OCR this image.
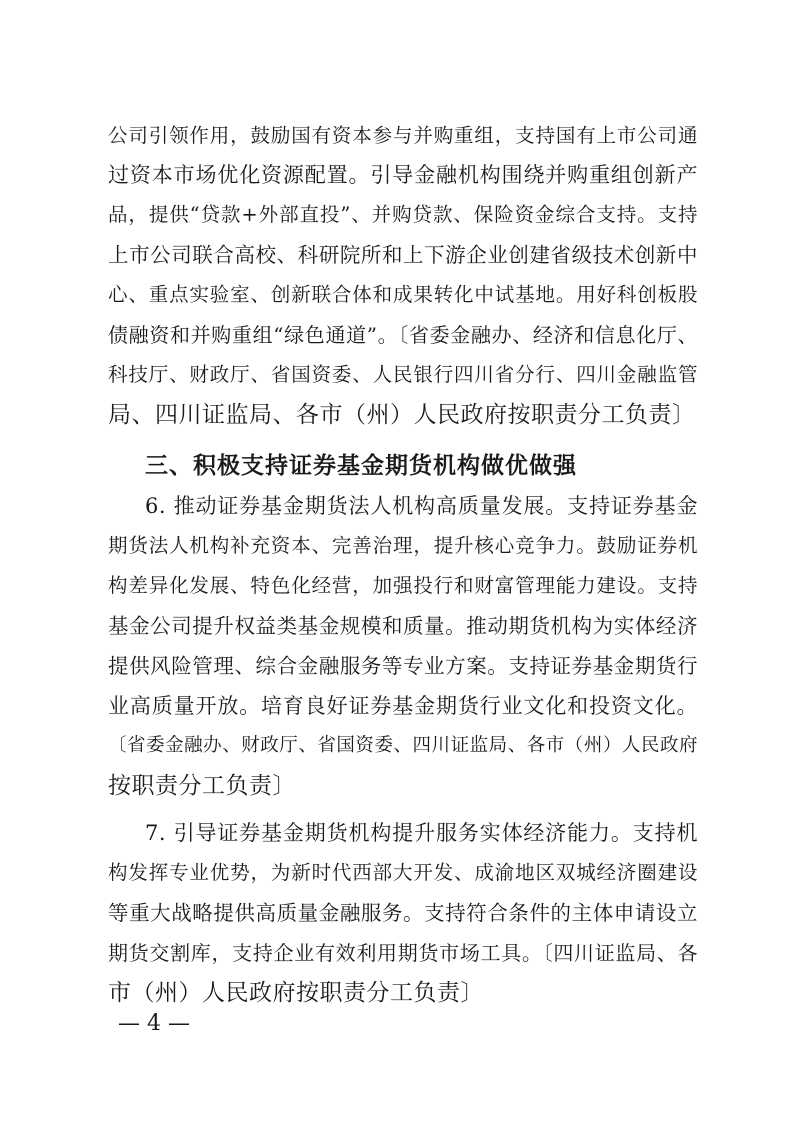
公司引领作用，鼓励国有资本参与并购重组，支持国有上市公司通
过资本市场优化资源配置。引导金融机构围绕并购重组创新产
品，提供“贷款+外部直投”、并购贷款、保险资金综合支持。支持
上市公司联合高校、科研院所和上下游企业创建省级技术创新中
心、重点实验室、创新联合体和成果转化中试基地。用好科创板股
债融资和并购重组“绿色通道”。〔省委金融办、经济和信息化厅、
科技厅、财政厅、省国资委、人民银行四川省分行、四川金融监管
局、四川证监局、各市（州）人民政府按职责分工负责〕
三、积极支持证券基金期货机构做优做强
6. 推动证券基金期货法人机构高质量发展。支持证券基金
期货法人机构补充资本、完善治理，提升核心竞争力。鼓励证券机
构差异化发展、特色化经营，加强投行和财富管理能力建设。支持
基金公司提升权益类基金规模和质量。推动期货机构为实体经济
提供风险管理、综合金融服务等专业方案。支持证券基金期货行
业高质量开放。培育良好证券基金期货行业文化和投资文化。
〔省委金融办、财政厅、省国资委、四川证监局、各市（州）人民政府
按职责分工负责〕
7. 引导证券基金期货机构提升服务实体经济能力。支持机
构发挥专业优势，为新时代西部大开发、成渝地区双城经济圈建设
等重大战略提供高质量金融服务。支持符合条件的主体申请设立
期货交割库，支持企业有效利用期货市场工具。〔四川证监局、各
市（州）人民政府按职责分工负责〕
— 4 —
